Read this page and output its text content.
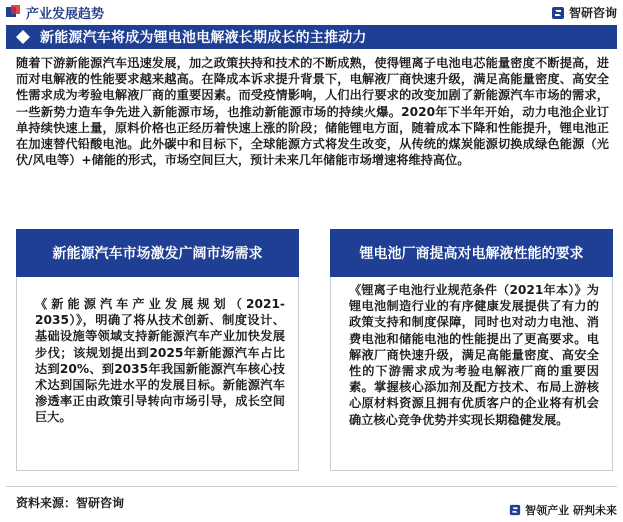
产业发展趋势	智研咨询
新能源汽车将成为锂电池电解液长期成长的主推动力

随着下游新能源汽车迅速发展，加之政策扶持和技术的不断成熟，使得锂离子电池电芯能量密度不断提高，进而对电解液的性能要求越来越高。在降成本诉求提升背景下，电解液厂商快速升级，满足高能量密度、高安全性需求成为考验电解液厂商的重要因素。而受疫情影响，人们出行要求的改变加剧了新能源汽车市场的需求，一些新势力造车争先进入新能源市场，也推动新能源市场的持续火爆。2020年下半年开始，动力电池企业订单持续快速上量，原料价格也正经历着快速上涨的阶段；储能锂电方面，随着成本下降和性能提升，锂电池正在加速替代铅酸电池。此外碳中和目标下，全球能源方式将发生改变，从传统的煤炭能源切换成绿色能源（光伏/风电等）+储能的形式，市场空间巨大，预计未来几年储能市场增速将维持高位。

新能源汽车市场激发广阔市场需求

《新能源汽车产业发展规划（2021-2035）》，明确了将从技术创新、制度设计、基础设施等领域支持新能源汽车产业加快发展步伐；该规划提出到2025年新能源汽车占比达到20%、到2035年我国新能源汽车核心技术达到国际先进水平的发展目标。新能源汽车渗透率正由政策引导转向市场引导，成长空间巨大。

锂电池厂商提高对电解液性能的要求

《锂离子电池行业规范条件（2021年本）》为锂电池制造行业的有序健康发展提供了有力的政策支持和制度保障，同时也对动力电池、消费电池和储能电池的性能提出了更高要求。电解液厂商快速升级，满足高能量密度、高安全性的下游需求成为考验电解液厂商的重要因素。掌握核心添加剂及配方技术、布局上游核心原材料资源且拥有优质客户的企业将有机会确立核心竞争优势并实现长期稳健发展。

资料来源：智研咨询
智领产业 研判未来
